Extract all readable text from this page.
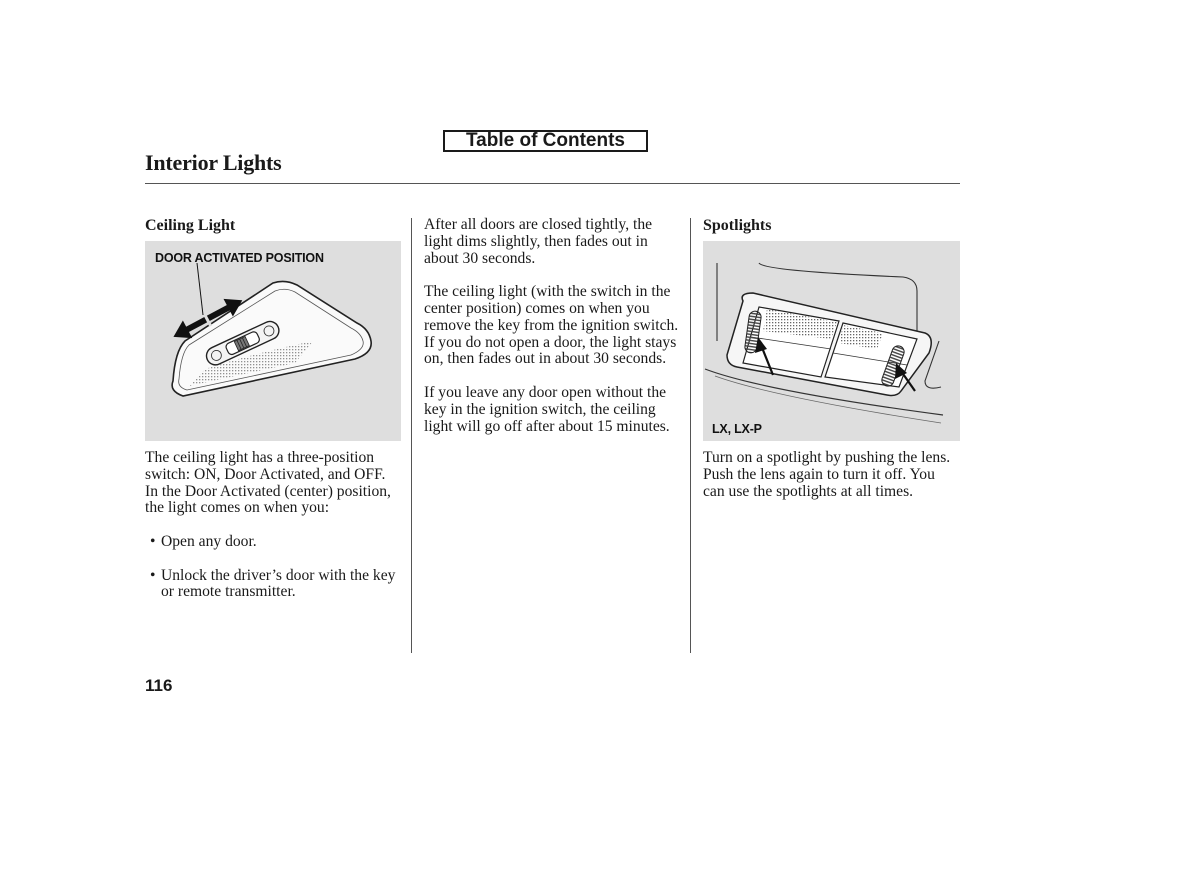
Table of Contents
Interior Lights
Ceiling Light
DOOR ACTIVATED POSITION

The ceiling light has a three-position switch: ON, Door Activated, and OFF. In the Door Activated (center) position, the light comes on when you:

• Open any door.
• Unlock the driver’s door with the key or remote transmitter.

After all doors are closed tightly, the light dims slightly, then fades out in about 30 seconds.

The ceiling light (with the switch in the center position) comes on when you remove the key from the ignition switch. If you do not open a door, the light stays on, then fades out in about 30 seconds.

If you leave any door open without the key in the ignition switch, the ceiling light will go off after about 15 minutes.

Spotlights
LX, LX-P

Turn on a spotlight by pushing the lens. Push the lens again to turn it off. You can use the spotlights at all times.

116
